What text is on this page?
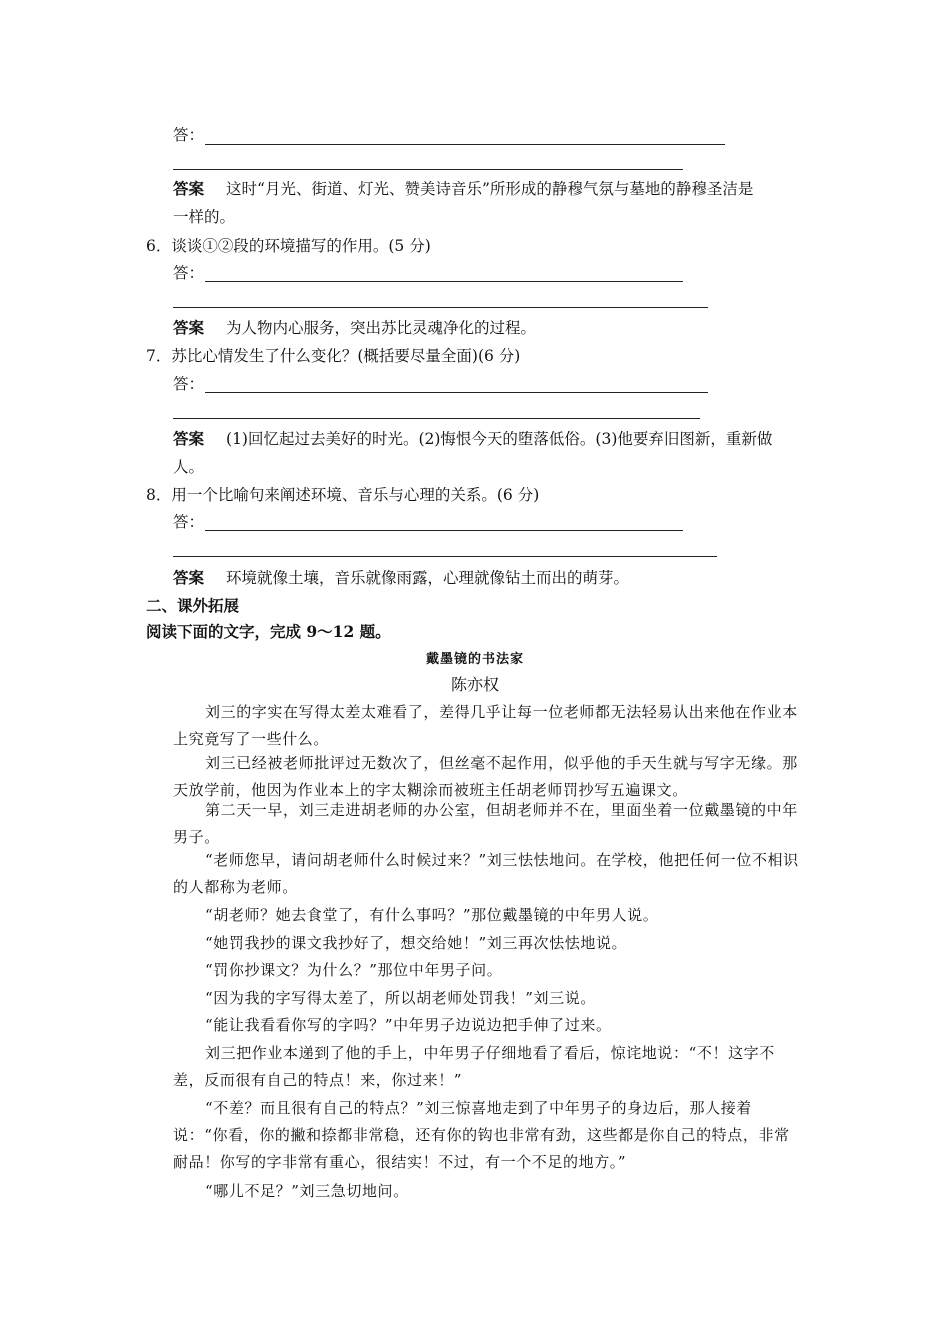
答：
答案 这时“月光、街道、灯光、赞美诗音乐”所形成的静穆气氛与墓地的静穆圣洁是
一样的。
6．谈谈①②段的环境描写的作用。(5 分)
答：
答案 为人物内心服务，突出苏比灵魂净化的过程。
7．苏比心情发生了什么变化？(概括要尽量全面)(6 分)
答：
答案 (1)回忆起过去美好的时光。(2)悔恨今天的堕落低俗。(3)他要弃旧图新，重新做
人。
8．用一个比喻句来阐述环境、音乐与心理的关系。(6 分)
答：
答案 环境就像土壤，音乐就像雨露，心理就像钻土而出的萌芽。
二、课外拓展
阅读下面的文字，完成 9～12 题。
戴墨镜的书法家
陈亦权
刘三的字实在写得太差太难看了，差得几乎让每一位老师都无法轻易认出来他在作业本上究竟写了一些什么。
刘三已经被老师批评过无数次了，但丝毫不起作用，似乎他的手天生就与写字无缘。那天放学前，他因为作业本上的字太糊涂而被班主任胡老师罚抄写五遍课文。
第二天一早，刘三走进胡老师的办公室，但胡老师并不在，里面坐着一位戴墨镜的中年男子。
“老师您早，请问胡老师什么时候过来？”刘三怯怯地问。在学校，他把任何一位不相识的人都称为老师。
“胡老师？她去食堂了，有什么事吗？”那位戴墨镜的中年男人说。
“她罚我抄的课文我抄好了，想交给她！”刘三再次怯怯地说。
“罚你抄课文？为什么？”那位中年男子问。
“因为我的字写得太差了，所以胡老师处罚我！”刘三说。
“能让我看看你写的字吗？”中年男子边说边把手伸了过来。
刘三把作业本递到了他的手上，中年男子仔细地看了看后，惊诧地说：“不！这字不差，反而很有自己的特点！来，你过来！”
“不差？而且很有自己的特点？”刘三惊喜地走到了中年男子的身边后，那人接着说：“你看，你的撇和捺都非常稳，还有你的钩也非常有劲，这些都是你自己的特点，非常耐品！你写的字非常有重心，很结实！不过，有一个不足的地方。”
“哪儿不足？”刘三急切地问。
